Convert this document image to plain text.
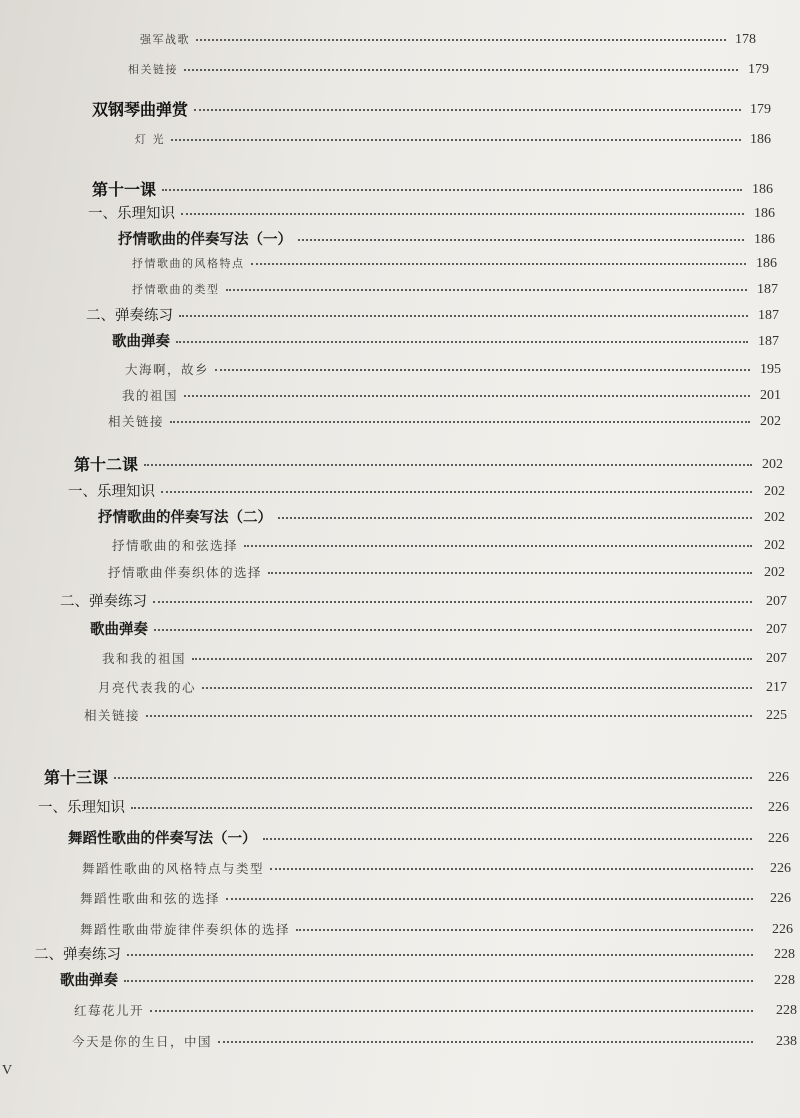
强军战歌	178
相关链接	179
双钢琴曲弹赏	179
灯 光	186
第十一课	186
一、乐理知识	186
抒情歌曲的伴奏写法（一）	186
抒情歌曲的风格特点	186
抒情歌曲的类型	187
二、弹奏练习	187
歌曲弹奏	187
大海啊，故乡	195
我的祖国	201
相关链接	202
第十二课	202
一、乐理知识	202
抒情歌曲的伴奏写法（二）	202
抒情歌曲的和弦选择	202
抒情歌曲伴奏织体的选择	202
二、弹奏练习	207
歌曲弹奏	207
我和我的祖国	207
月亮代表我的心	217
相关链接	225
第十三课	226
一、乐理知识	226
舞蹈性歌曲的伴奏写法（一）	226
舞蹈性歌曲的风格特点与类型	226
舞蹈性歌曲和弦的选择	226
舞蹈性歌曲带旋律伴奏织体的选择	226
二、弹奏练习	228
歌曲弹奏	228
红莓花儿开	228
今天是你的生日，中国	238
V
